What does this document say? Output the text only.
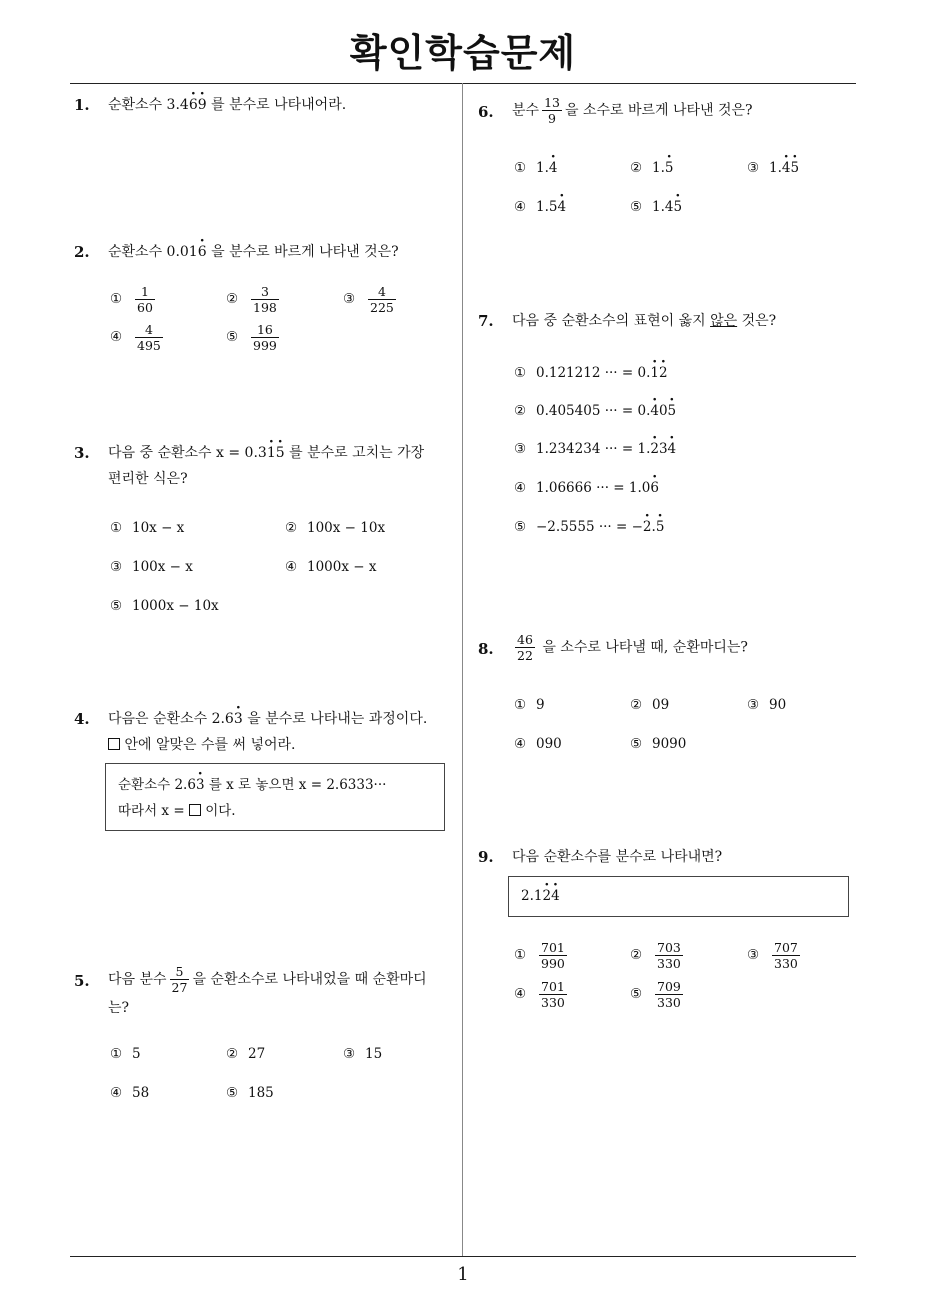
확인학습문제
1
1. 순환소수 3.4· 6· 9 를 분수로 나타내어라.
2. 순환소수 0.01· 6 을 분수로 바르게 나타낸 것은?
① $\frac{1}{60}$	② $\frac{3}{198}$	③ $\frac{4}{225}$
④ $\frac{4}{495}$	⑤ $\frac{16}{999}$
3. 다음 중 순환소수 x = 0.3· 1· 5 를 분수로 고치는 가장
편리한 식은?
① 10x − x	② 100x − 10x
③ 100x − x	④ 1000x − x
⑤ 1000x − 10x
4. 다음은 순환소수 2.6· 3 을 분수로 나타내는 과정이다.
안에 알맞은 수를 써 넣어라.
순환소수 2.6· 3 를 x 로 놓으면 x = 2.6333···
따라서 x =  이다.
5. 다음 분수 $\frac{5}{27}$ 을 순환소수로 나타내었을 때 순환마디
는?
① 5	② 27	③ 15
④ 58	⑤ 185
6. 분수 $\frac{13}{9}$ 을 소수로 바르게 나타낸 것은?
① 1.· 4	② 1.· 5	③ 1.· 4· 5
④ 1.5· 4	⑤ 1.4· 5
7. 다음 중 순환소수의 표현이 옳지 않은 것은?
① 0.121212 ··· = 0.· 1· 2
② 0.405405 ··· = 0.· 40· 5
③ 1.234234 ··· = 1.· 23· 4
④ 1.06666 ··· = 1.0· 6
⑤ −2.5555 ··· = −· 2.· 5
8. $\frac{46}{22}$ 을 소수로 나타낼 때, 순환마디는?
① 9	② 09	③ 90
④ 090	⑤ 9090
9. 다음 순환소수를 분수로 나타내면?
2.1· 2· 4
① $\frac{701}{990}$	② $\frac{703}{330}$	③ $\frac{707}{330}$
④ $\frac{701}{330}$	⑤ $\frac{709}{330}$
